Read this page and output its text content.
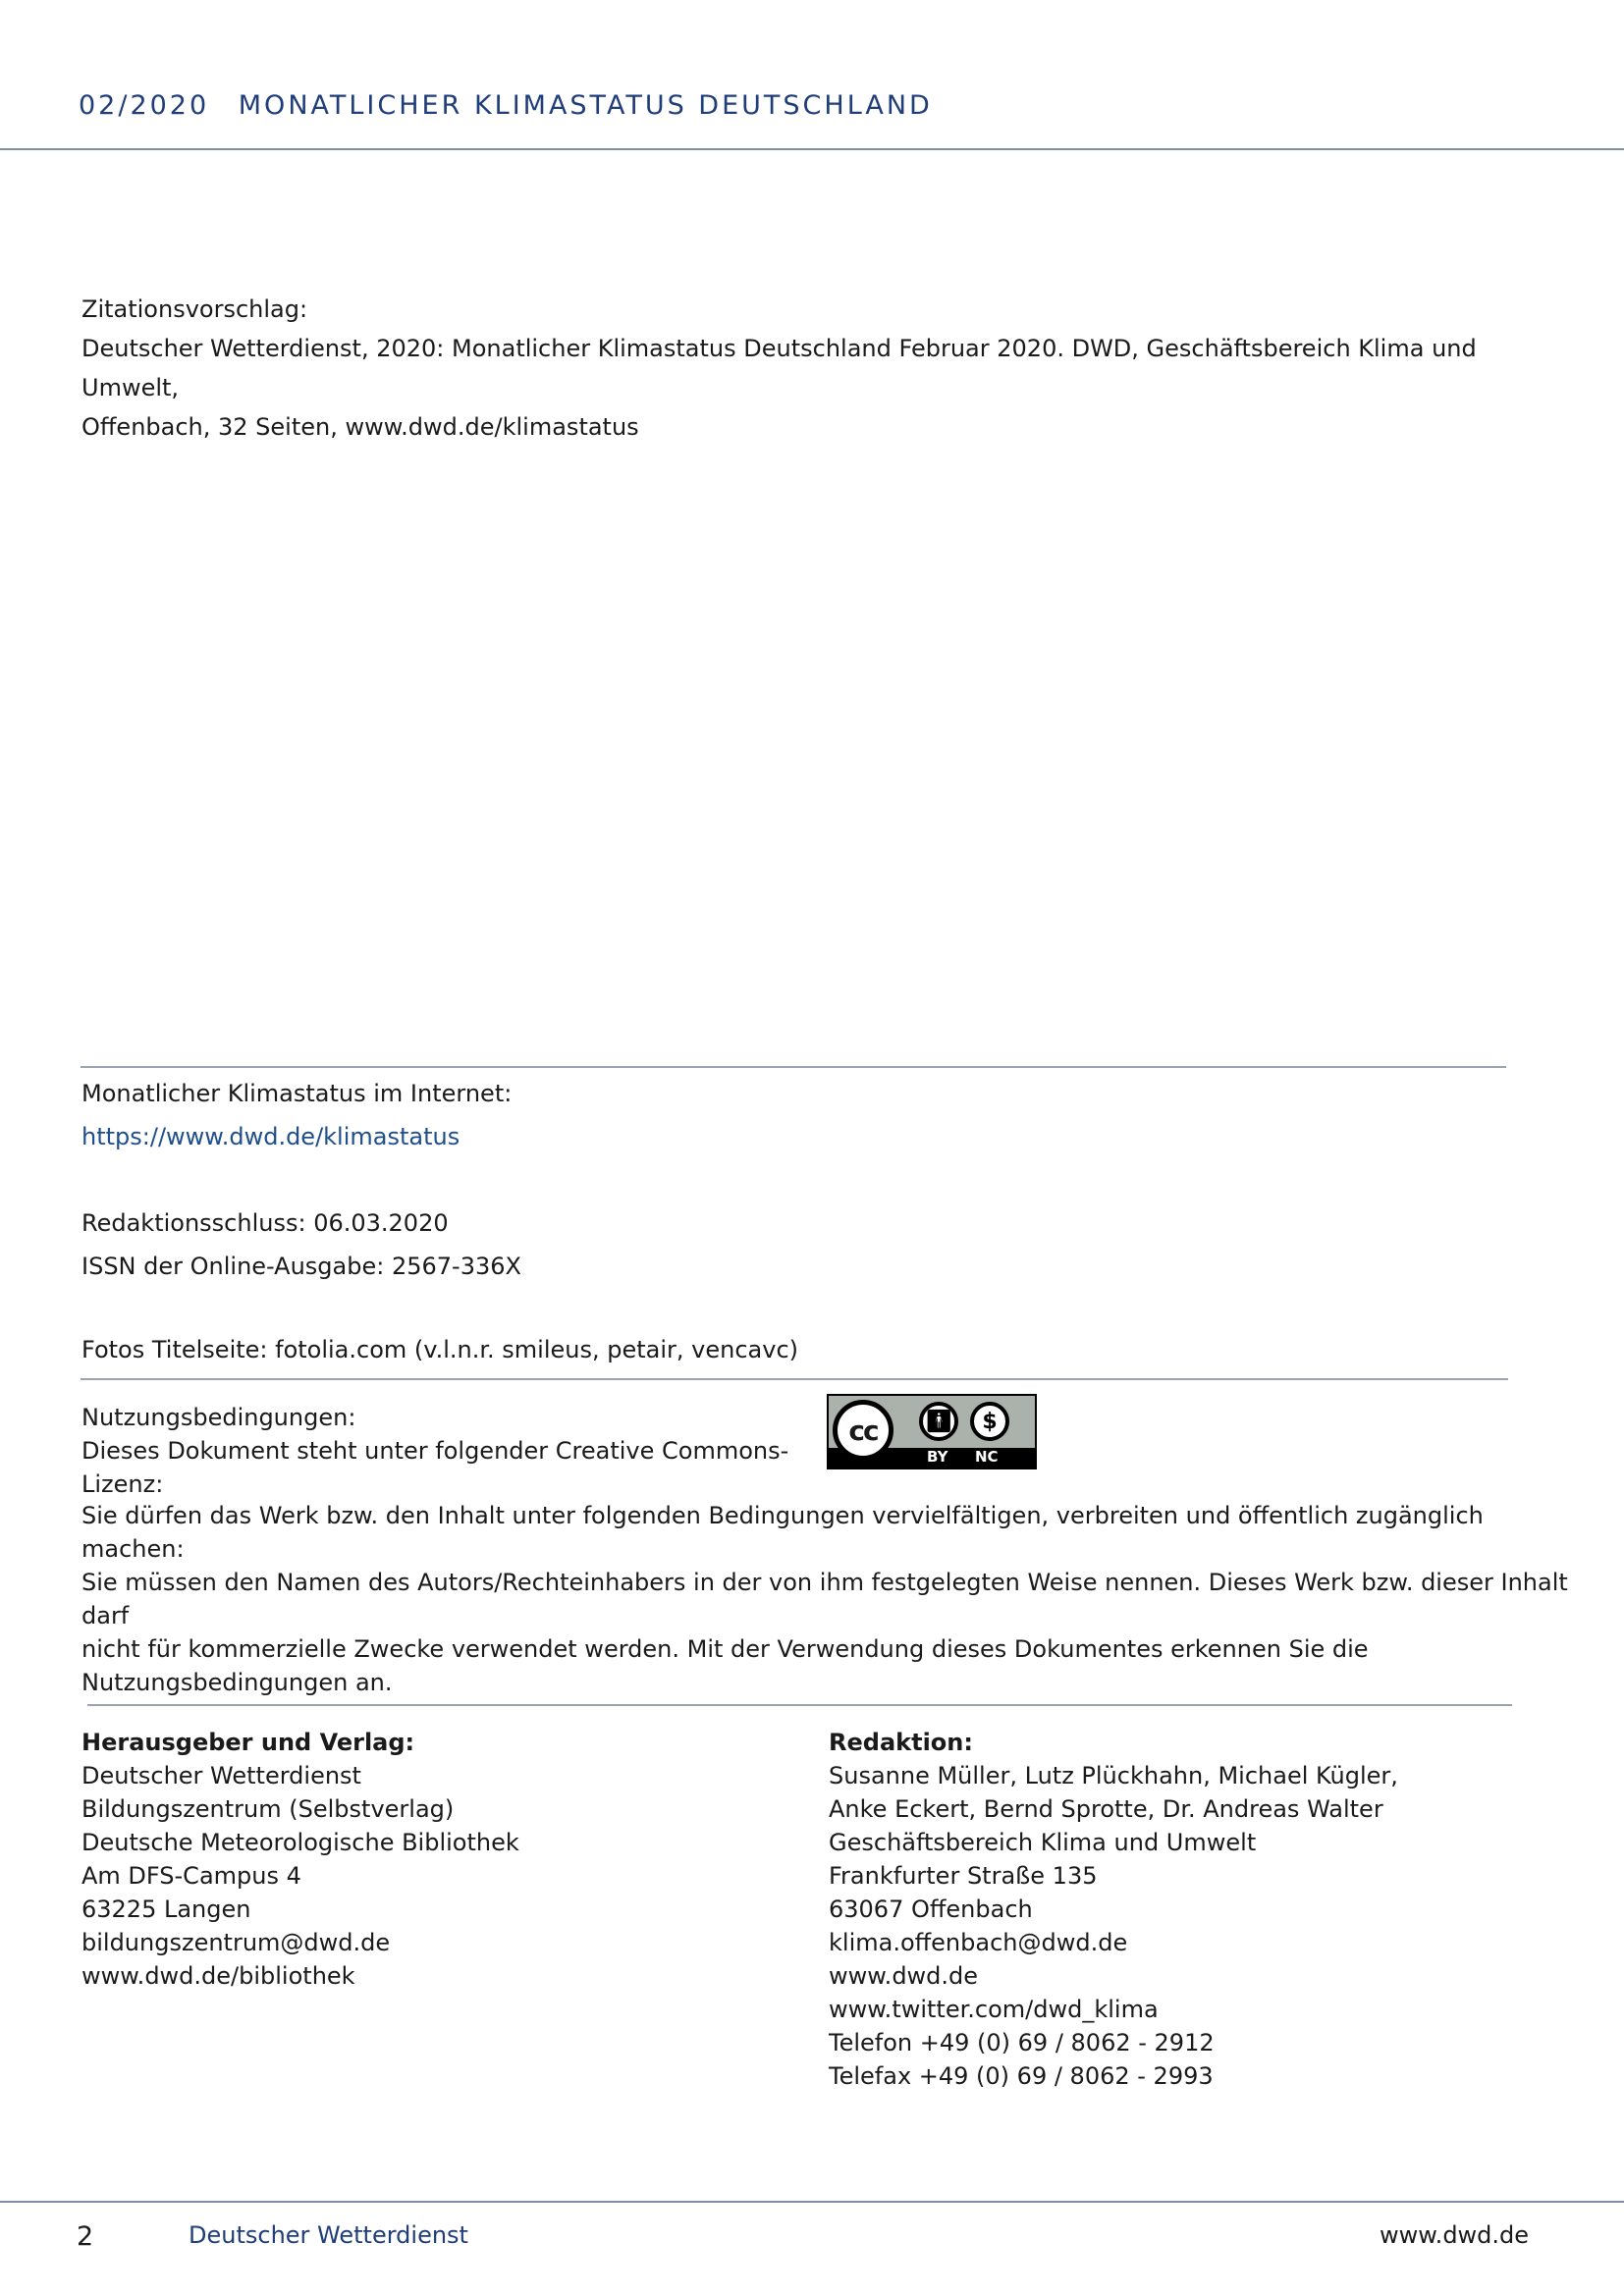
02/2020 MONATLICHER KLIMASTATUS DEUTSCHLAND

Zitationsvorschlag:

Deutscher Wetterdienst, 2020: Monatlicher Klimastatus Deutschland Februar 2020. DWD, Geschäftsbereich Klima und Umwelt,

Offenbach, 32 Seiten, www.dwd.de/klimastatus

Monatlicher Klimastatus im Internet:

https://www.dwd.de/klimastatus

Redaktionsschluss: 06.03.2020

ISSN der Online-Ausgabe: 2567-336X

Fotos Titelseite: fotolia.com (v.l.n.r. smileus, petair, vencavc)

Nutzungsbedingungen:

Dieses Dokument steht unter folgender Creative Commons-Lizenz:

cc	🚹︎	$
BY NC

Sie dürfen das Werk bzw. den Inhalt unter folgenden Bedingungen vervielfältigen, verbreiten und öffentlich zugänglich machen:

Sie müssen den Namen des Autors/Rechteinhabers in der von ihm festgelegten Weise nennen. Dieses Werk bzw. dieser Inhalt darf

nicht für kommerzielle Zwecke verwendet werden. Mit der Verwendung dieses Dokumentes erkennen Sie die Nutzungsbedingungen an.

Herausgeber und Verlag:

Deutscher Wetterdienst

Bildungszentrum (Selbstverlag)

Deutsche Meteorologische Bibliothek

Am DFS-Campus 4

63225 Langen

bildungszentrum@dwd.de

www.dwd.de/bibliothek

Redaktion:

Susanne Müller, Lutz Plückhahn, Michael Kügler,

Anke Eckert, Bernd Sprotte, Dr. Andreas Walter

Geschäftsbereich Klima und Umwelt

Frankfurter Straße 135

63067 Offenbach

klima.offenbach@dwd.de

www.dwd.de

www.twitter.com/dwd_klima

Telefon +49 (0) 69 / 8062 - 2912

Telefax +49 (0) 69 / 8062 - 2993

2	Deutscher Wetterdienst	www.dwd.de
